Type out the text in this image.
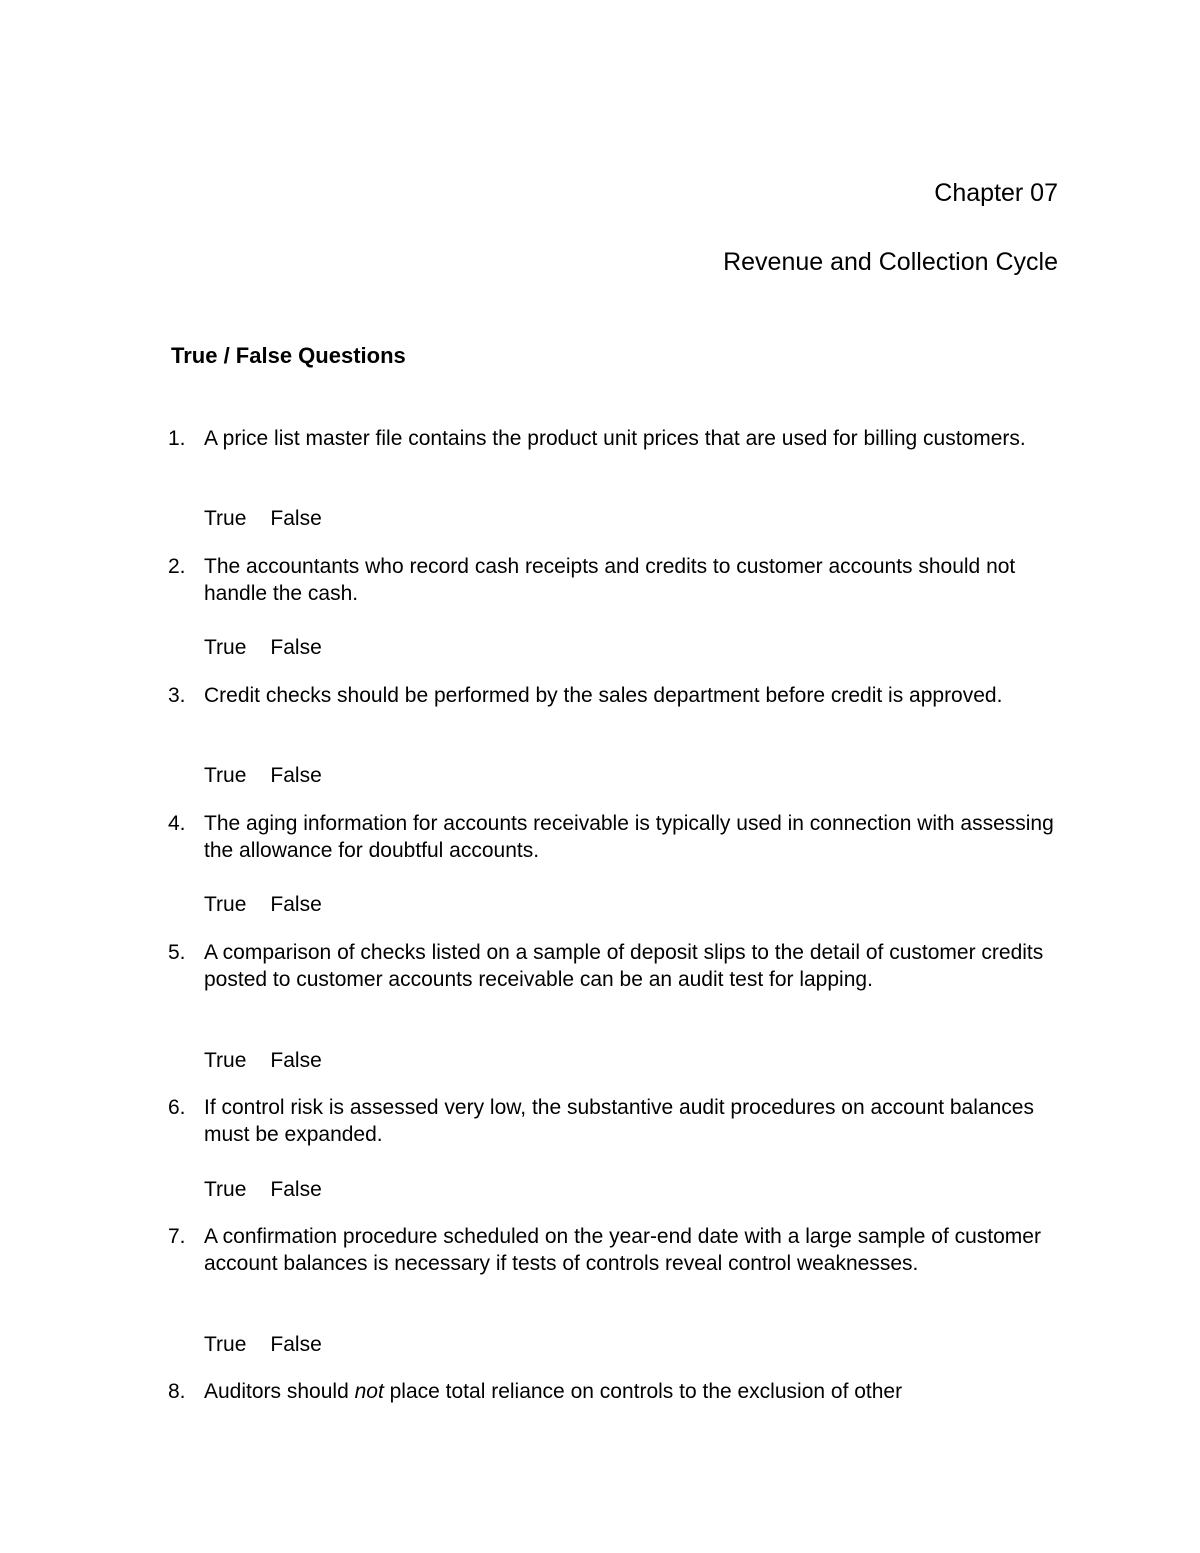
Chapter 07
Revenue and Collection Cycle
True / False Questions
1. A price list master file contains the product unit prices that are used for billing customers.
True False
2. The accountants who record cash receipts and credits to customer accounts should not handle the cash.
True False
3. Credit checks should be performed by the sales department before credit is approved.
True False
4. The aging information for accounts receivable is typically used in connection with assessing the allowance for doubtful accounts.
True False
5. A comparison of checks listed on a sample of deposit slips to the detail of customer credits posted to customer accounts receivable can be an audit test for lapping.
True False
6. If control risk is assessed very low, the substantive audit procedures on account balances must be expanded.
True False
7. A confirmation procedure scheduled on the year-end date with a large sample of customer account balances is necessary if tests of controls reveal control weaknesses.
True False
8. Auditors should not place total reliance on controls to the exclusion of other
